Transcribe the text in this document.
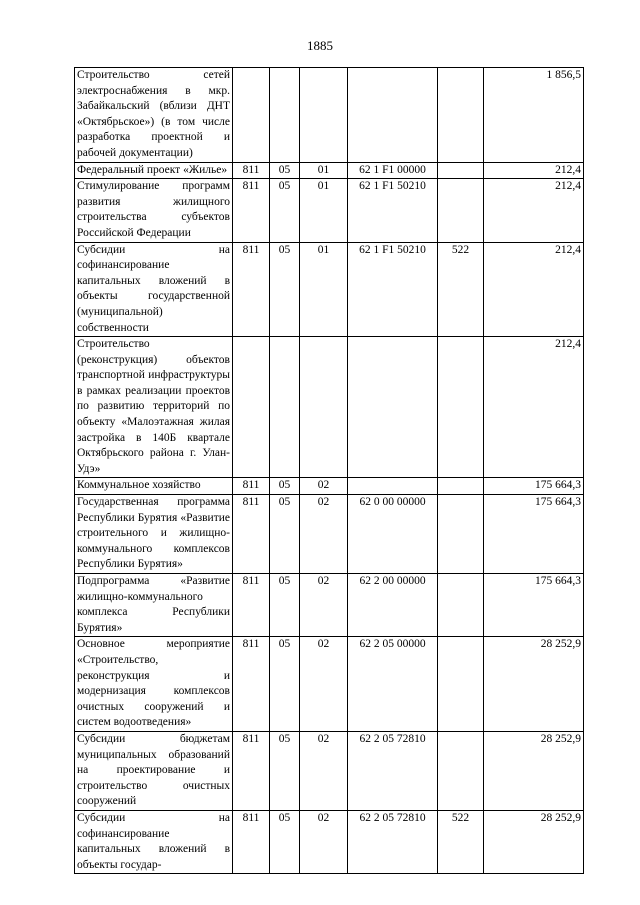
1885
Строительство сетей электроснабжения в мкр. Забайкальский (вблизи ДНТ «Октябрьское») (в том числе разработка проектной и рабочей документации)						1 856,5
Федеральный проект «Жилье»	811	05	01	62 1 F1 00000		212,4
Стимулирование программ развития жилищного строительства субъектов Российской Федерации	811	05	01	62 1 F1 50210		212,4
Субсидии на софинансирование капитальных вложений в объекты государственной (муниципальной) собственности	811	05	01	62 1 F1 50210	522	212,4
Строительство (реконструкция) объектов транспортной инфраструктуры в рамках реализации проектов по развитию территорий по объекту «Малоэтажная жилая застройка в 140Б квартале Октябрьского района г. Улан-Удэ»						212,4
Коммунальное хозяйство	811	05	02			175 664,3
Государственная программа Республики Бурятия «Развитие строительного и жилищно-коммунального комплексов Республики Бурятия»	811	05	02	62 0 00 00000		175 664,3
Подпрограмма «Развитие жилищно-коммунального комплекса Республики Бурятия»	811	05	02	62 2 00 00000		175 664,3
Основное мероприятие «Строительство, реконструкция и модернизация комплексов очистных сооружений и систем водоотведения»	811	05	02	62 2 05 00000		28 252,9
Субсидии бюджетам муниципальных образований на проектирование и строительство очистных сооружений	811	05	02	62 2 05 72810		28 252,9
Субсидии на софинансирование капитальных вложений в объекты государ-	811	05	02	62 2 05 72810	522	28 252,9
